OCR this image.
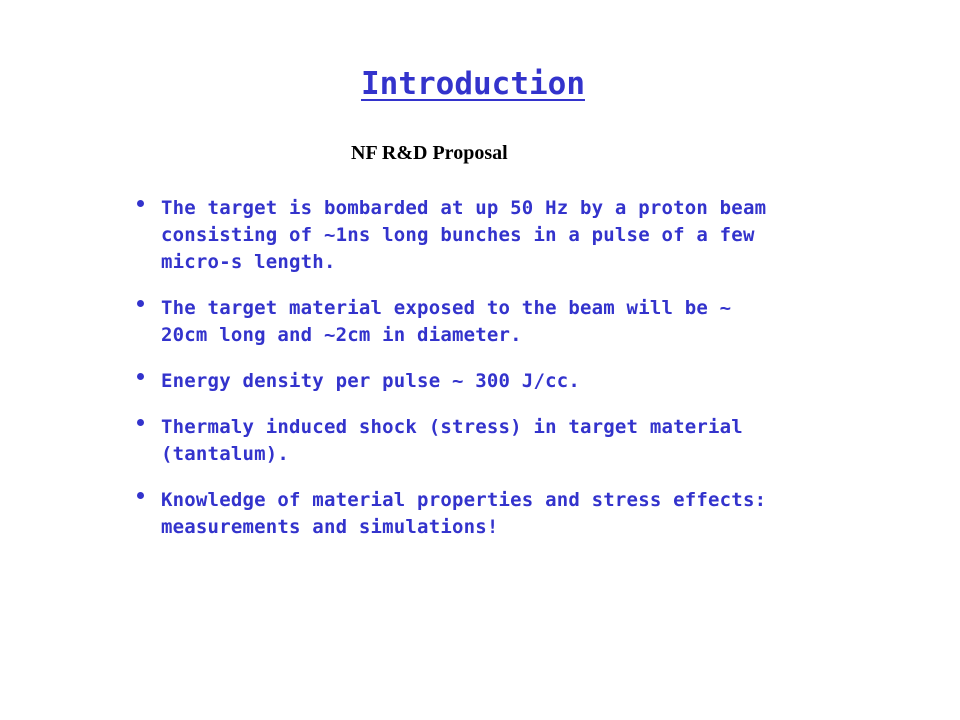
Introduction
NF R&D Proposal
The target is bombarded at up 50 Hz by a proton beam
consisting of ~1ns long bunches in a pulse of a few
micro-s length.
The target material exposed to the beam will be ~
20cm long and ~2cm in diameter.
Energy density per pulse ~ 300 J/cc.
Thermaly induced shock (stress) in target material
(tantalum).
Knowledge of material properties and stress effects:
measurements and simulations!
